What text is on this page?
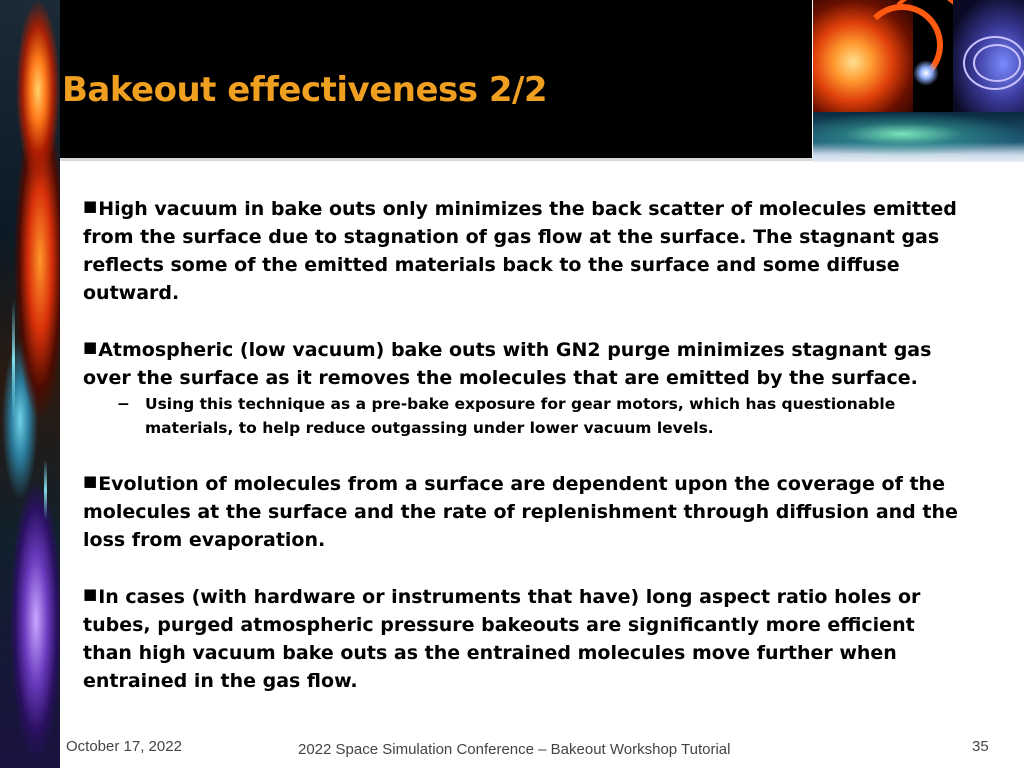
Bakeout effectiveness 2/2

■High vacuum in bake outs only minimizes the back scatter of molecules emitted from the surface due to stagnation of gas flow at the surface. The stagnant gas reflects some of the emitted materials back to the surface and some diffuse outward.

■Atmospheric (low vacuum) bake outs with GN2 purge minimizes stagnant gas over the surface as it removes the molecules that are emitted by the surface.

− Using this technique as a pre-bake exposure for gear motors, which has questionable materials, to help reduce outgassing under lower vacuum levels.

■Evolution of molecules from a surface are dependent upon the coverage of the molecules at the surface and the rate of replenishment through diffusion and the loss from evaporation.

■In cases (with hardware or instruments that have) long aspect ratio holes or tubes, purged atmospheric pressure bakeouts are significantly more efficient than high vacuum bake outs as the entrained molecules move further when entrained in the gas flow.

October 17, 2022	2022 Space Simulation Conference – Bakeout Workshop Tutorial	35
